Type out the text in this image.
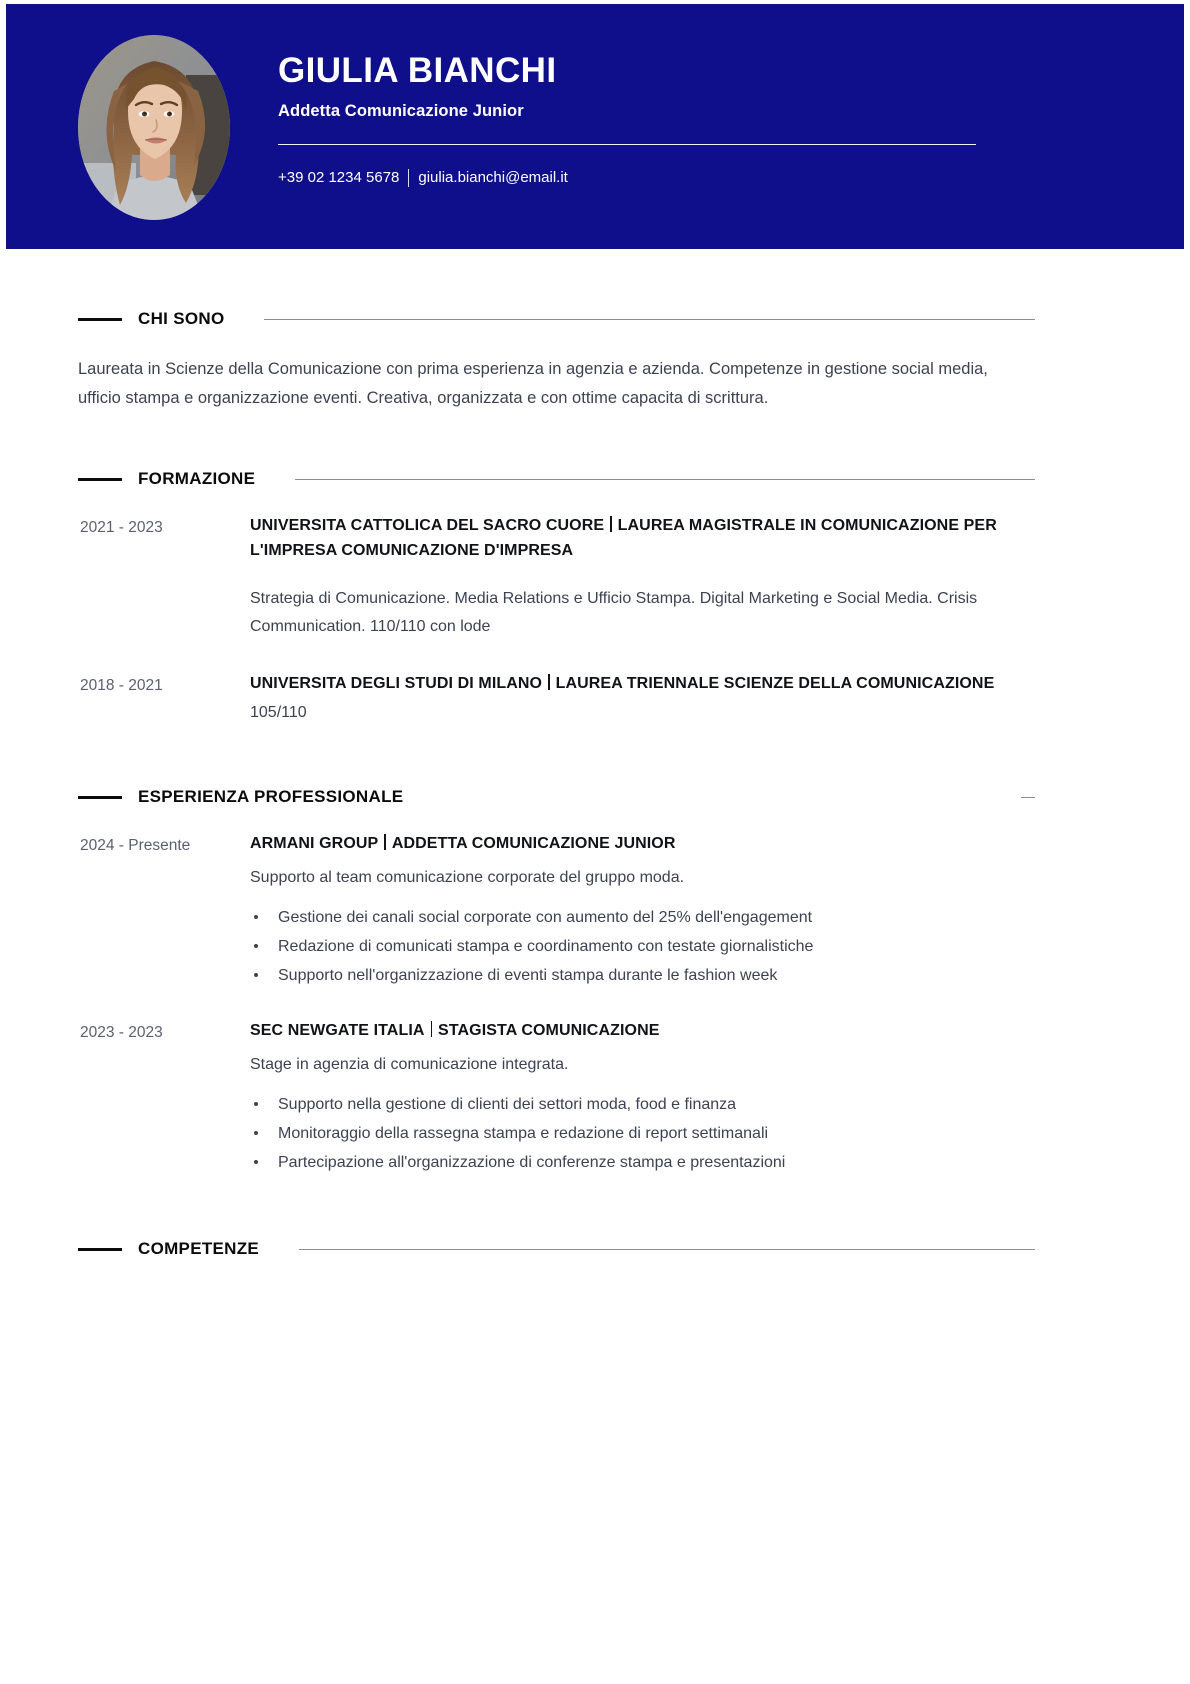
GIULIA BIANCHI
Addetta Comunicazione Junior
+39 02 1234 5678 giulia.bianchi@email.it
CHI SONO

Laureata in Scienze della Comunicazione con prima esperienza in agenzia e azienda. Competenze in gestione social media, ufficio stampa e organizzazione eventi. Creativa, organizzata e con ottime capacita di scrittura.

FORMAZIONE
2021 - 2023	UNIVERSITA CATTOLICA DEL SACRO CUORE LAUREA MAGISTRALE IN COMUNICAZIONE PER L'IMPRESA COMUNICAZIONE D'IMPRESA
Strategia di Comunicazione. Media Relations e Ufficio Stampa. Digital Marketing e Social Media. Crisis Communication. 110/110 con lode
2018 - 2021	UNIVERSITA DEGLI STUDI DI MILANO LAUREA TRIENNALE SCIENZE DELLA COMUNICAZIONE
105/110
ESPERIENZA PROFESSIONALE
2024 - Presente	ARMANI GROUP ADDETTA COMUNICAZIONE JUNIOR
Supporto al team comunicazione corporate del gruppo moda.
Gestione dei canali social corporate con aumento del 25% dell'engagement
Redazione di comunicati stampa e coordinamento con testate giornalistiche
Supporto nell'organizzazione di eventi stampa durante le fashion week
2023 - 2023	SEC NEWGATE ITALIA STAGISTA COMUNICAZIONE
Stage in agenzia di comunicazione integrata.
Supporto nella gestione di clienti dei settori moda, food e finanza
Monitoraggio della rassegna stampa e redazione di report settimanali
Partecipazione all'organizzazione di conferenze stampa e presentazioni
COMPETENZE
